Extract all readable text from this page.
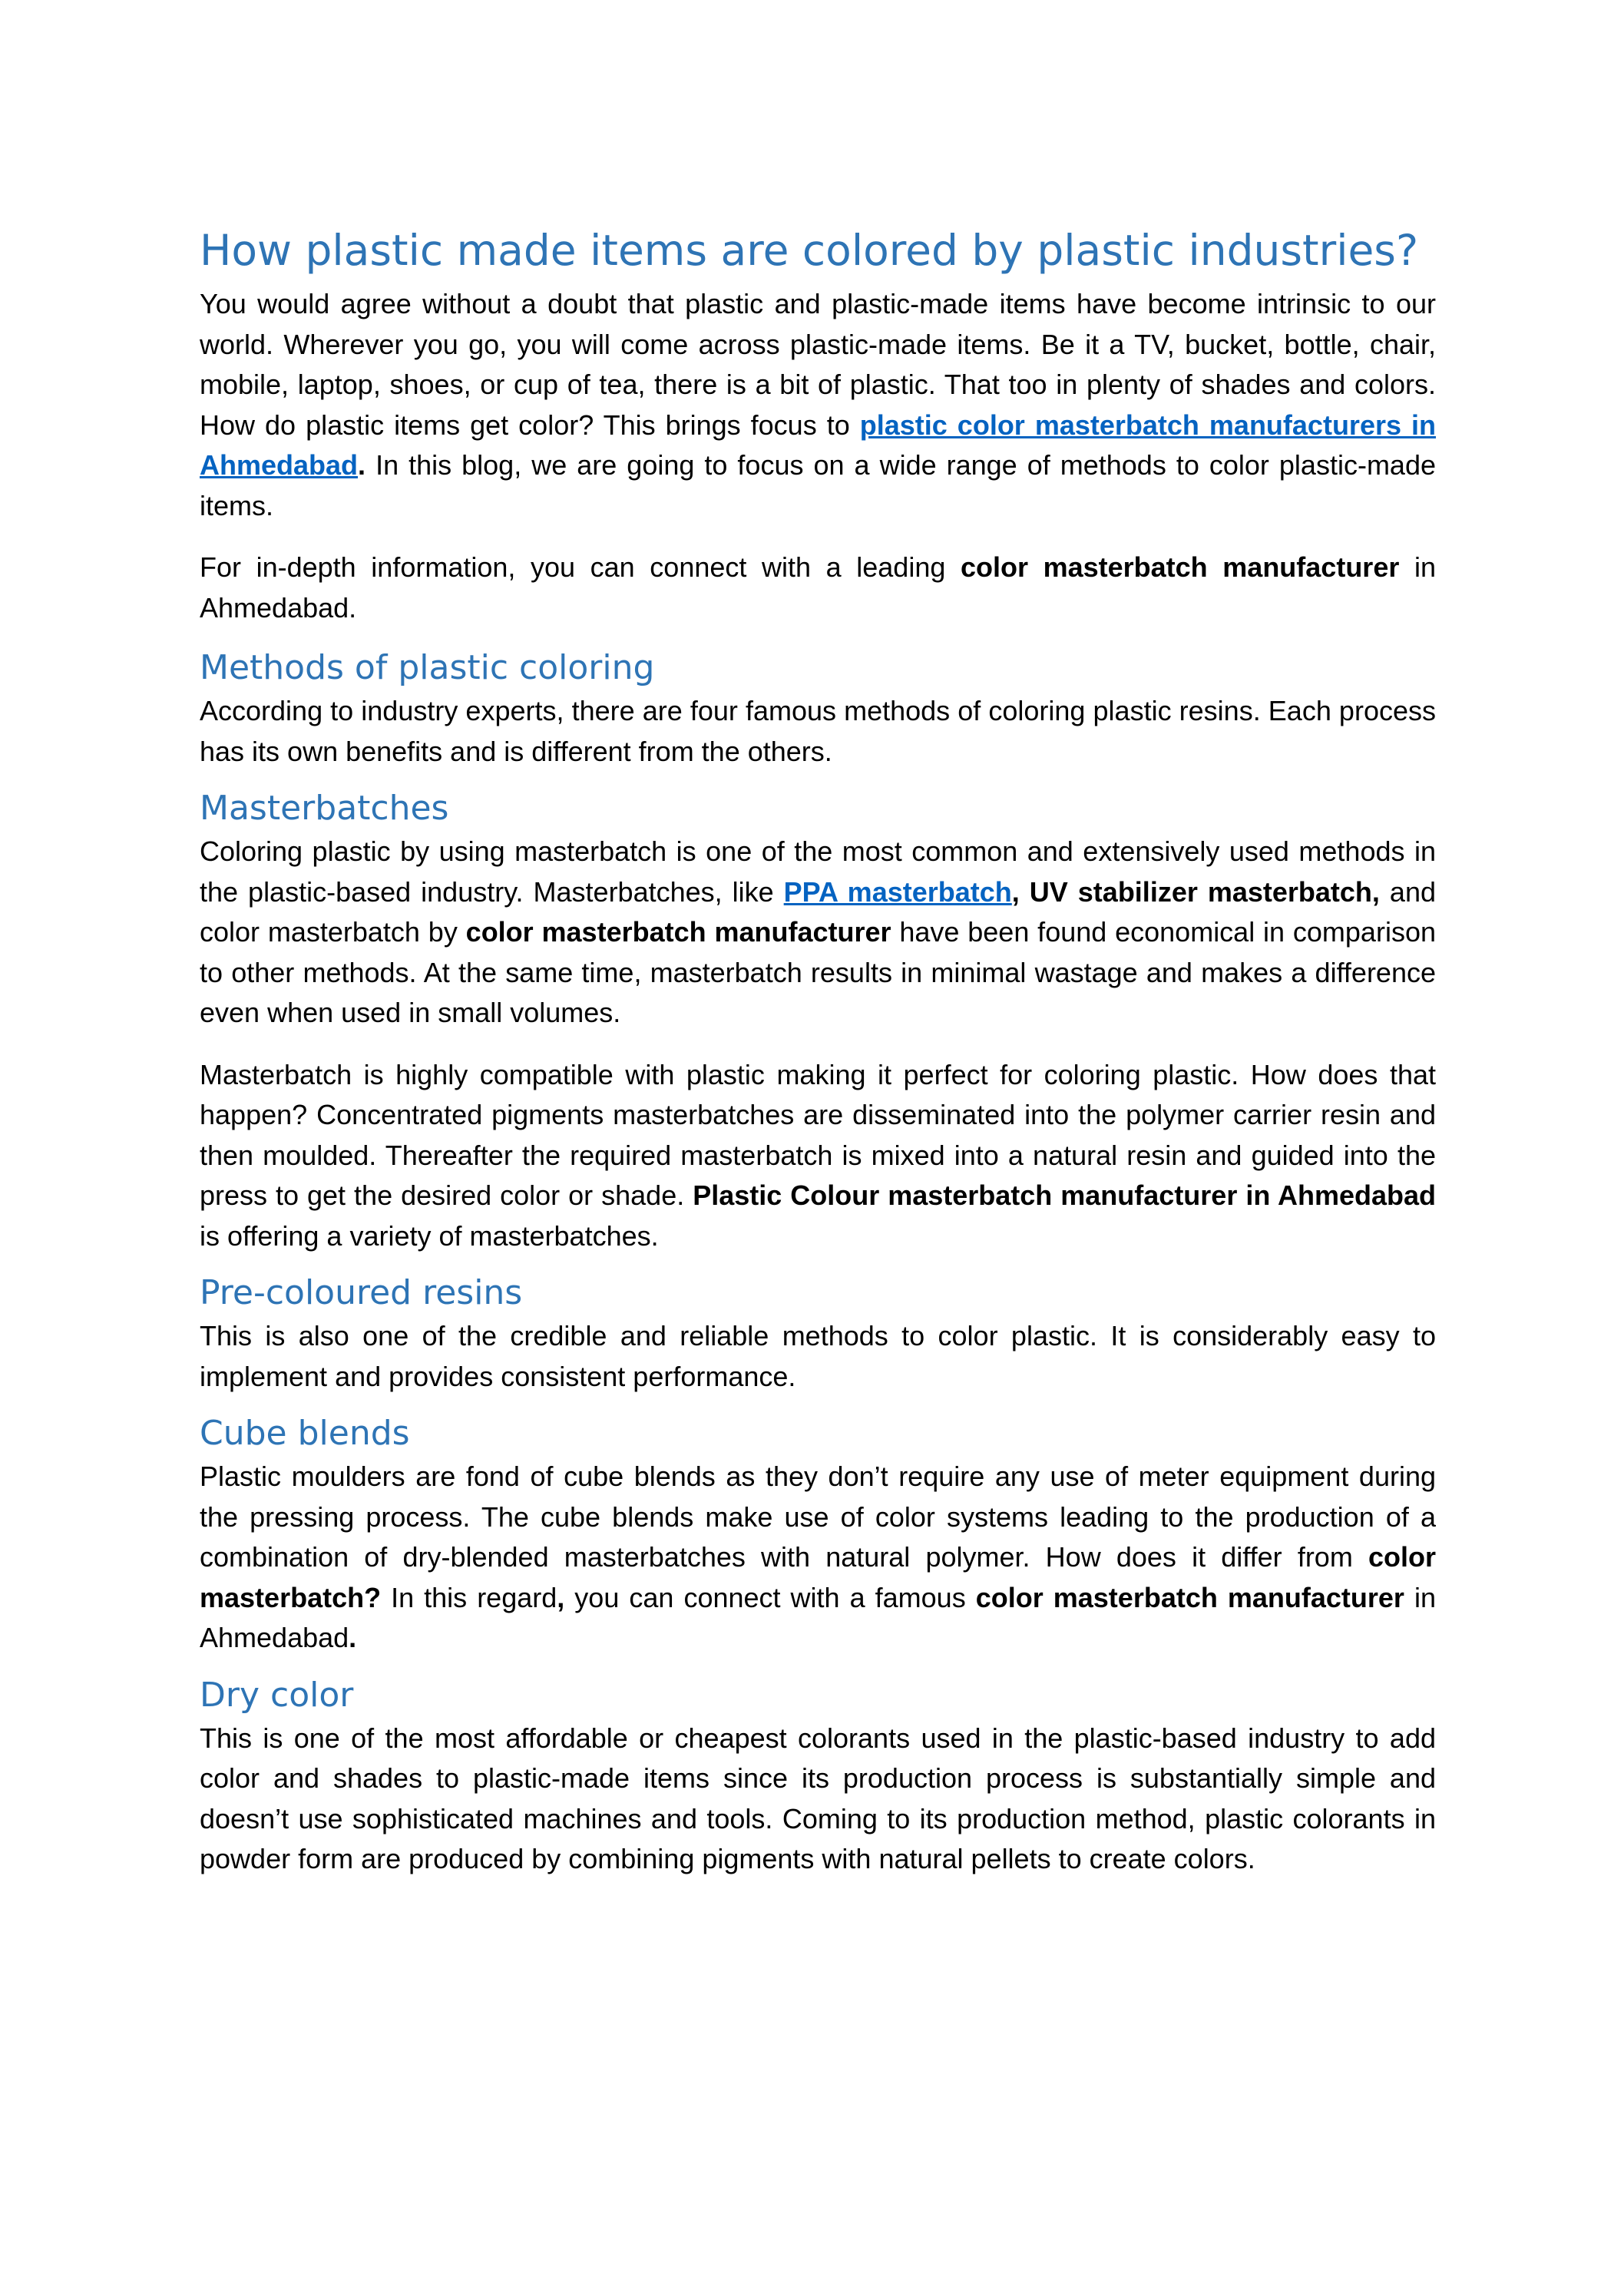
How plastic made items are colored by plastic industries?

You would agree without a doubt that plastic and plastic-made items have become intrinsic to our world. Wherever you go, you will come across plastic-made items. Be it a TV, bucket, bottle, chair, mobile, laptop, shoes, or cup of tea, there is a bit of plastic. That too in plenty of shades and colors. How do plastic items get color? This brings focus to plastic color masterbatch manufacturers in Ahmedabad. In this blog, we are going to focus on a wide range of methods to color plastic-made items.

For in-depth information, you can connect with a leading color masterbatch manufacturer in Ahmedabad.

Methods of plastic coloring

According to industry experts, there are four famous methods of coloring plastic resins. Each process has its own benefits and is different from the others.

Masterbatches

Coloring plastic by using masterbatch is one of the most common and extensively used methods in the plastic-based industry. Masterbatches, like PPA masterbatch, UV stabilizer masterbatch, and color masterbatch by color masterbatch manufacturer have been found economical in comparison to other methods. At the same time, masterbatch results in minimal wastage and makes a difference even when used in small volumes.

Masterbatch is highly compatible with plastic making it perfect for coloring plastic. How does that happen? Concentrated pigments masterbatches are disseminated into the polymer carrier resin and then moulded. Thereafter the required masterbatch is mixed into a natural resin and guided into the press to get the desired color or shade. Plastic Colour masterbatch manufacturer in Ahmedabad is offering a variety of masterbatches.

Pre-coloured resins

This is also one of the credible and reliable methods to color plastic. It is considerably easy to implement and provides consistent performance.

Cube blends

Plastic moulders are fond of cube blends as they don’t require any use of meter equipment during the pressing process. The cube blends make use of color systems leading to the production of a combination of dry-blended masterbatches with natural polymer. How does it differ from color masterbatch? In this regard, you can connect with a famous color masterbatch manufacturer in Ahmedabad.

Dry color

This is one of the most affordable or cheapest colorants used in the plastic-based industry to add color and shades to plastic-made items since its production process is substantially simple and doesn’t use sophisticated machines and tools. Coming to its production method, plastic colorants in powder form are produced by combining pigments with natural pellets to create colors.
